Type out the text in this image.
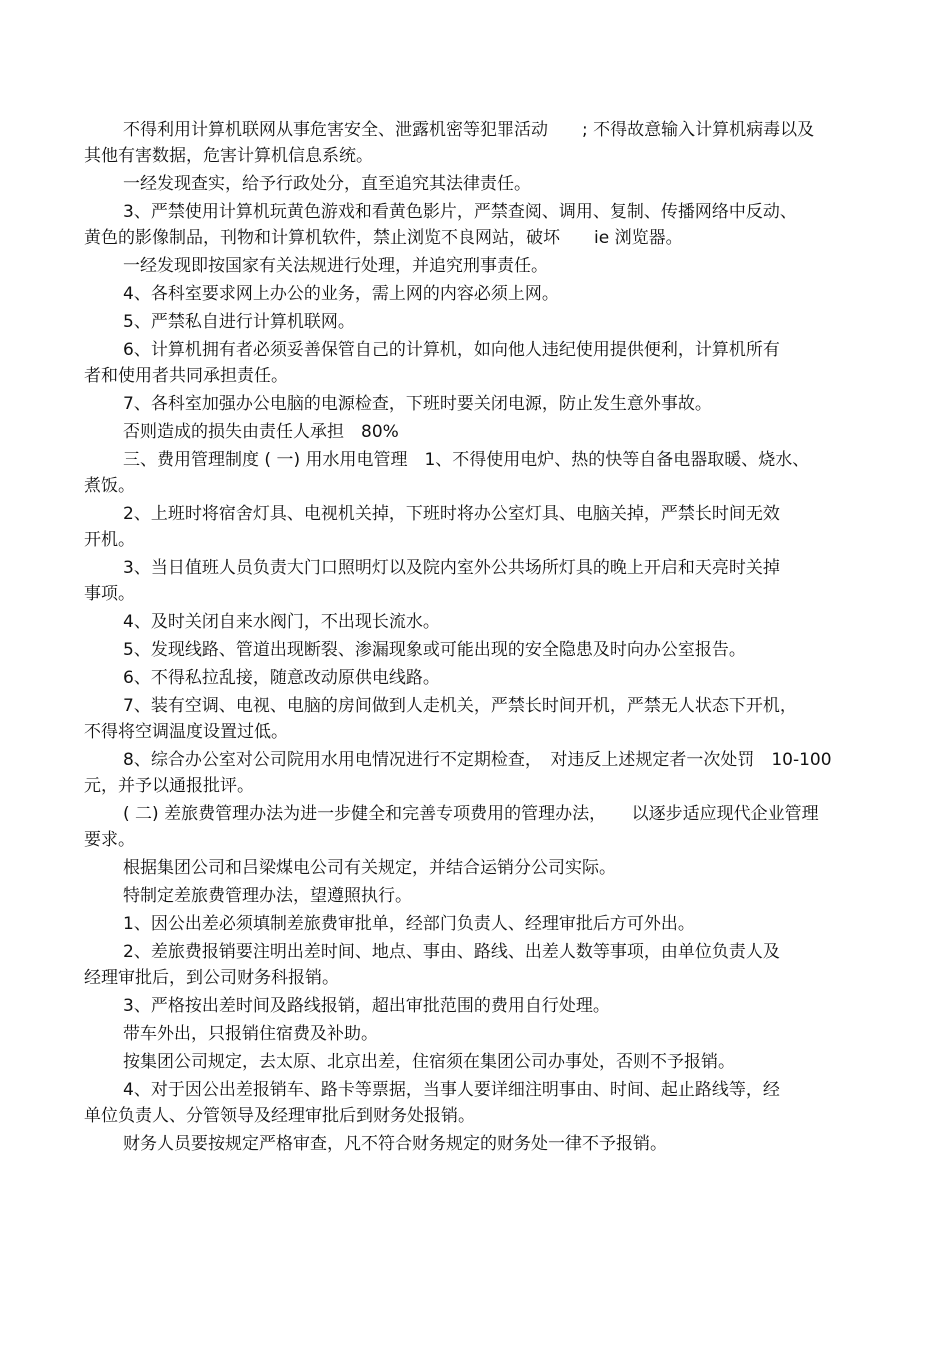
不得利用计算机联网从事危害安全、泄露机密等犯罪活动　　; 不得故意输入计算机病毒以及
其他有害数据，危害计算机信息系统。
一经发现查实，给予行政处分，直至追究其法律责任。
3、严禁使用计算机玩黄色游戏和看黄色影片，严禁查阅、调用、复制、传播网络中反动、
黄色的影像制品，刊物和计算机软件，禁止浏览不良网站，破坏　　ie 浏览器。
一经发现即按国家有关法规进行处理，并追究刑事责任。
4、各科室要求网上办公的业务，需上网的内容必须上网。
5、严禁私自进行计算机联网。
6、计算机拥有者必须妥善保管自己的计算机，如向他人违纪使用提供便利，计算机所有
者和使用者共同承担责任。
7、各科室加强办公电脑的电源检查，下班时要关闭电源，防止发生意外事故。
否则造成的损失由责任人承担　80%
三、费用管理制度 ( 一) 用水用电管理　1、不得使用电炉、热的快等自备电器取暖、烧水、
煮饭。
2、上班时将宿舍灯具、电视机关掉，下班时将办公室灯具、电脑关掉，严禁长时间无效
开机。
3、当日值班人员负责大门口照明灯以及院内室外公共场所灯具的晚上开启和天亮时关掉
事项。
4、及时关闭自来水阀门，不出现长流水。
5、发现线路、管道出现断裂、渗漏现象或可能出现的安全隐患及时向办公室报告。
6、不得私拉乱接，随意改动原供电线路。
7、装有空调、电视、电脑的房间做到人走机关，严禁长时间开机，严禁无人状态下开机，
不得将空调温度设置过低。
8、综合办公室对公司院用水用电情况进行不定期检查，　对违反上述规定者一次处罚　10-100
元，并予以通报批评。
( 二) 差旅费管理办法为进一步健全和完善专项费用的管理办法，　　以逐步适应现代企业管理
要求。
根据集团公司和吕梁煤电公司有关规定，并结合运销分公司实际。
特制定差旅费管理办法，望遵照执行。
1、因公出差必须填制差旅费审批单，经部门负责人、经理审批后方可外出。
2、差旅费报销要注明出差时间、地点、事由、路线、出差人数等事项，由单位负责人及
经理审批后，到公司财务科报销。
3、严格按出差时间及路线报销，超出审批范围的费用自行处理。
带车外出，只报销住宿费及补助。
按集团公司规定，去太原、北京出差，住宿须在集团公司办事处，否则不予报销。
4、对于因公出差报销车、路卡等票据，当事人要详细注明事由、时间、起止路线等，经
单位负责人、分管领导及经理审批后到财务处报销。
财务人员要按规定严格审查，凡不符合财务规定的财务处一律不予报销。
